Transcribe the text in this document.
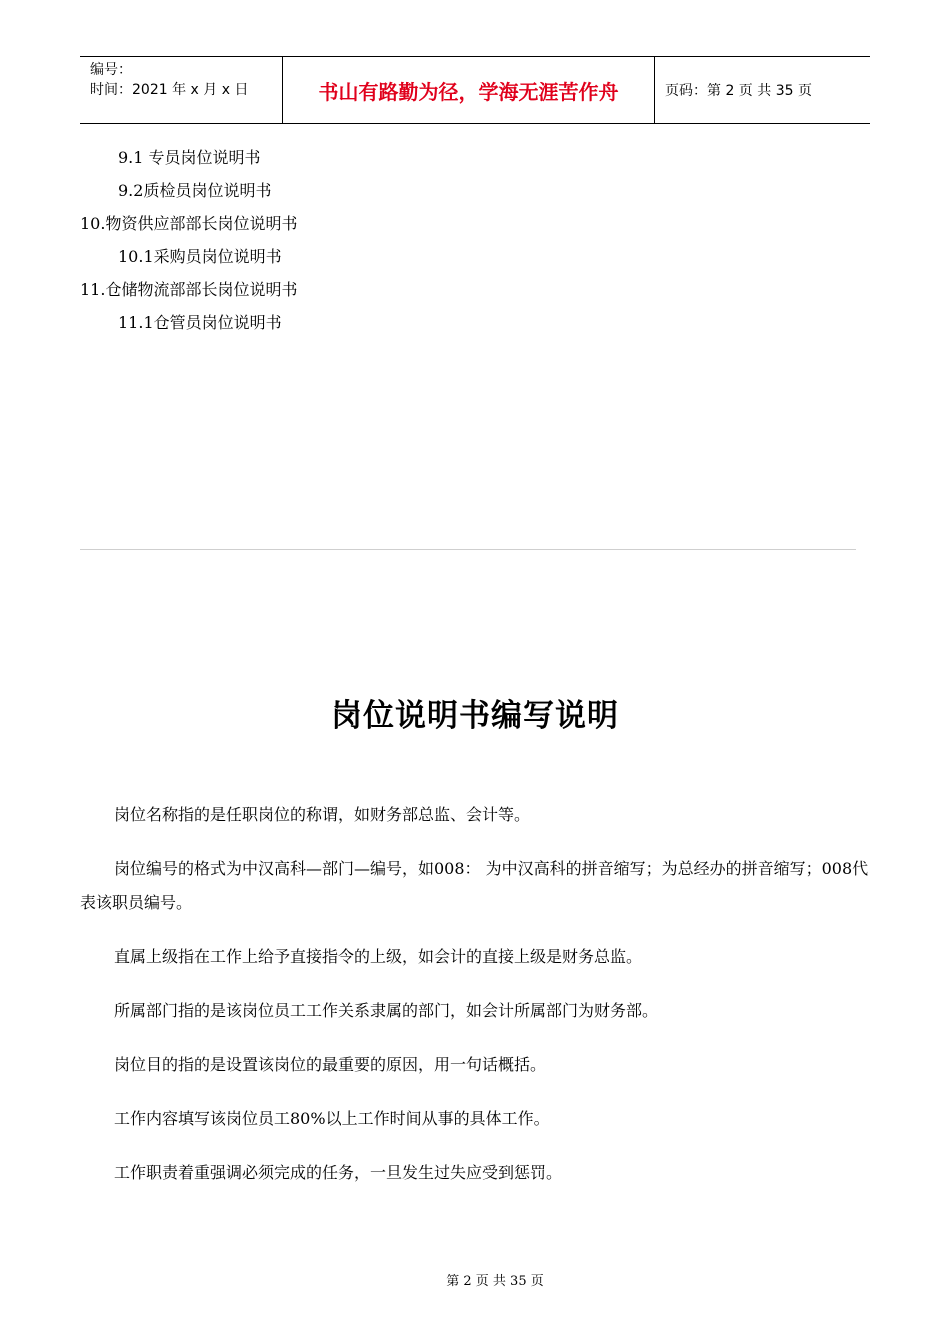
编号：
时间：2021 年 x 月 x 日	书山有路勤为径，学海无涯苦作舟	页码：第 2 页 共 35 页
9.1 专员岗位说明书
9.2质检员岗位说明书
10.物资供应部部长岗位说明书
10.1采购员岗位说明书
11.仓储物流部部长岗位说明书
11.1仓管员岗位说明书
岗位说明书编写说明

岗位名称指的是任职岗位的称谓，如财务部总监、会计等。

岗位编号的格式为中汉高科—部门—编号，如008： 为中汉高科的拼音缩写；为总经办的拼音缩写；008代表该职员编号。

直属上级指在工作上给予直接指令的上级，如会计的直接上级是财务总监。

所属部门指的是该岗位员工工作关系隶属的部门，如会计所属部门为财务部。

岗位目的指的是设置该岗位的最重要的原因，用一句话概括。

工作内容填写该岗位员工80%以上工作时间从事的具体工作。

工作职责着重强调必须完成的任务，一旦发生过失应受到惩罚。

第 2 页 共 35 页
